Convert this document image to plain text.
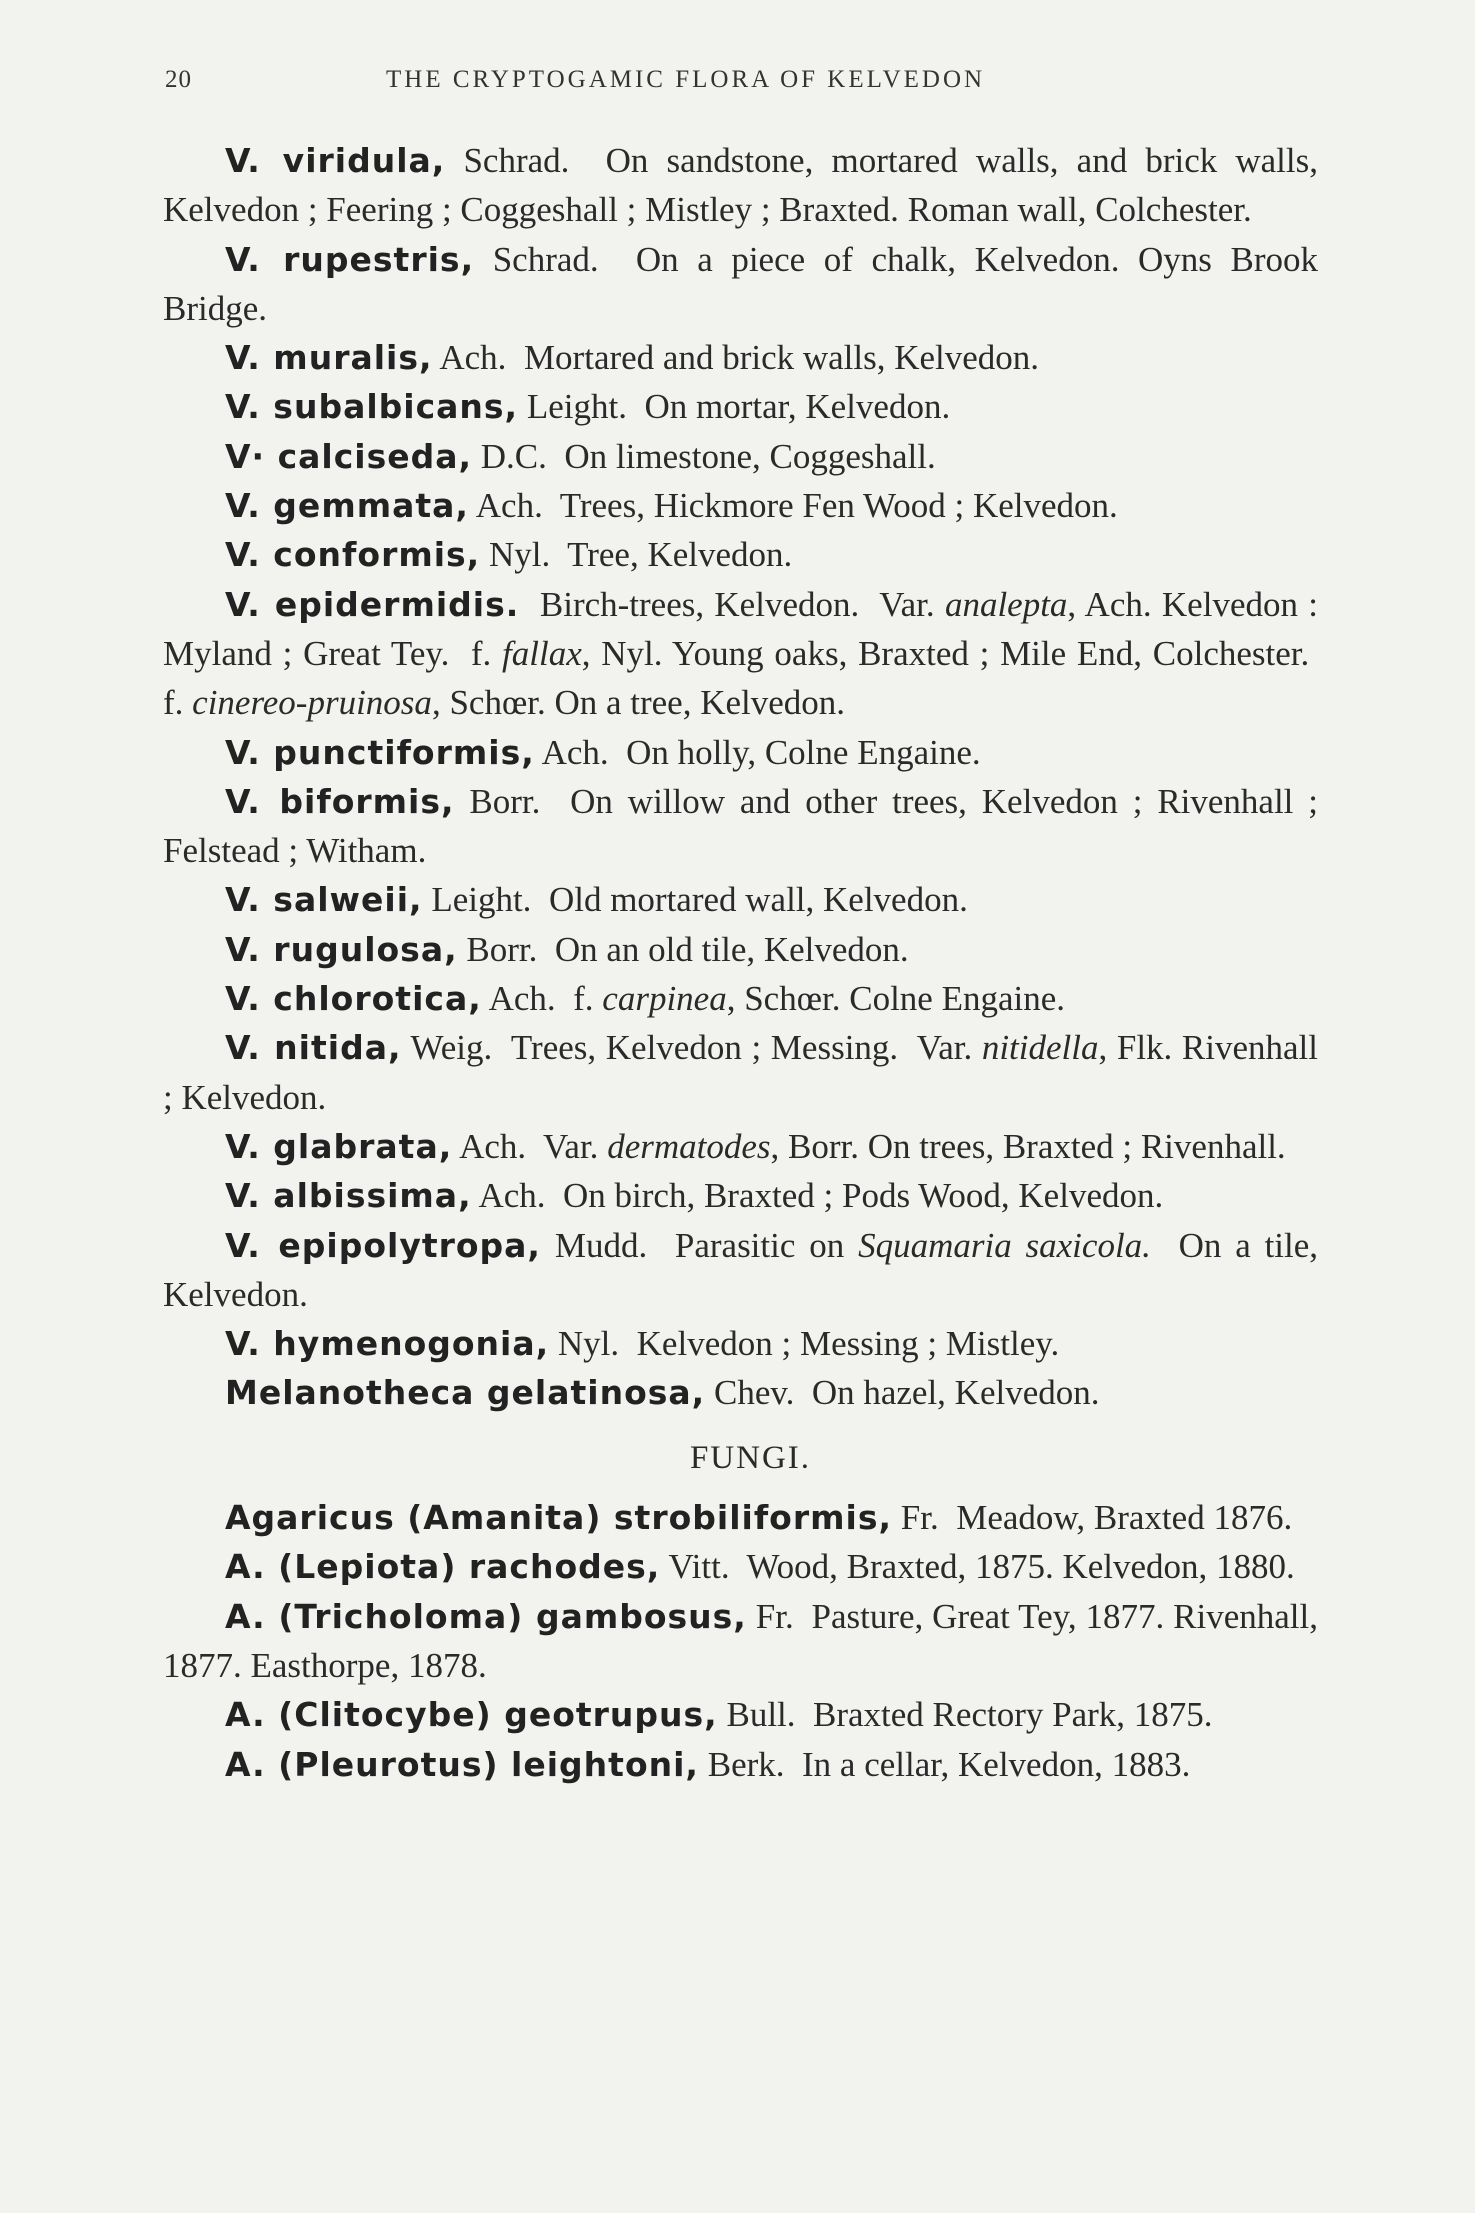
20	THE CRYPTOGAMIC FLORA OF KELVEDON

V. viridula, Schrad. On sandstone, mortared walls, and brick walls, Kelvedon ; Feering ; Coggeshall ; Mistley ; Braxted. Roman wall, Colchester.

V. rupestris, Schrad. On a piece of chalk, Kelvedon. Oyns Brook Bridge.

V. muralis, Ach. Mortared and brick walls, Kelvedon.

V. subalbicans, Leight. On mortar, Kelvedon.

V· calciseda, D.C. On limestone, Coggeshall.

V. gemmata, Ach. Trees, Hickmore Fen Wood ; Kelvedon.

V. conformis, Nyl. Tree, Kelvedon.

V. epidermidis. Birch-trees, Kelvedon. Var. analepta, Ach. Kelvedon : Myland ; Great Tey. f. fallax, Nyl. Young oaks, Braxted ; Mile End, Colchester.  f. cinereo-pruinosa, Schœr. On a tree, Kelvedon.

V. punctiformis, Ach. On holly, Colne Engaine.

V. biformis, Borr. On willow and other trees, Kelvedon ; Rivenhall ; Felstead ; Witham.

V. salweii, Leight. Old mortared wall, Kelvedon.

V. rugulosa, Borr. On an old tile, Kelvedon.

V. chlorotica, Ach. f. carpinea, Schœr. Colne Engaine.

V. nitida, Weig. Trees, Kelvedon ; Messing. Var. nitidella, Flk. Rivenhall ; Kelvedon.

V. glabrata, Ach. Var. dermatodes, Borr. On trees, Braxted ; Rivenhall.

V. albissima, Ach. On birch, Braxted ; Pods Wood, Kelvedon.

V. epipolytropa, Mudd. Parasitic on Squamaria saxicola. On a tile, Kelvedon.

V. hymenogonia, Nyl. Kelvedon ; Messing ; Mistley.

Melanotheca gelatinosa, Chev. On hazel, Kelvedon.

FUNGI.

Agaricus (Amanita) strobiliformis, Fr. Meadow, Braxted 1876.

A. (Lepiota) rachodes, Vitt. Wood, Braxted, 1875. Kelvedon, 1880.

A. (Tricholoma) gambosus, Fr. Pasture, Great Tey, 1877. Rivenhall, 1877. Easthorpe, 1878.

A. (Clitocybe) geotrupus, Bull. Braxted Rectory Park, 1875.

A. (Pleurotus) leightoni, Berk. In a cellar, Kelvedon, 1883.
